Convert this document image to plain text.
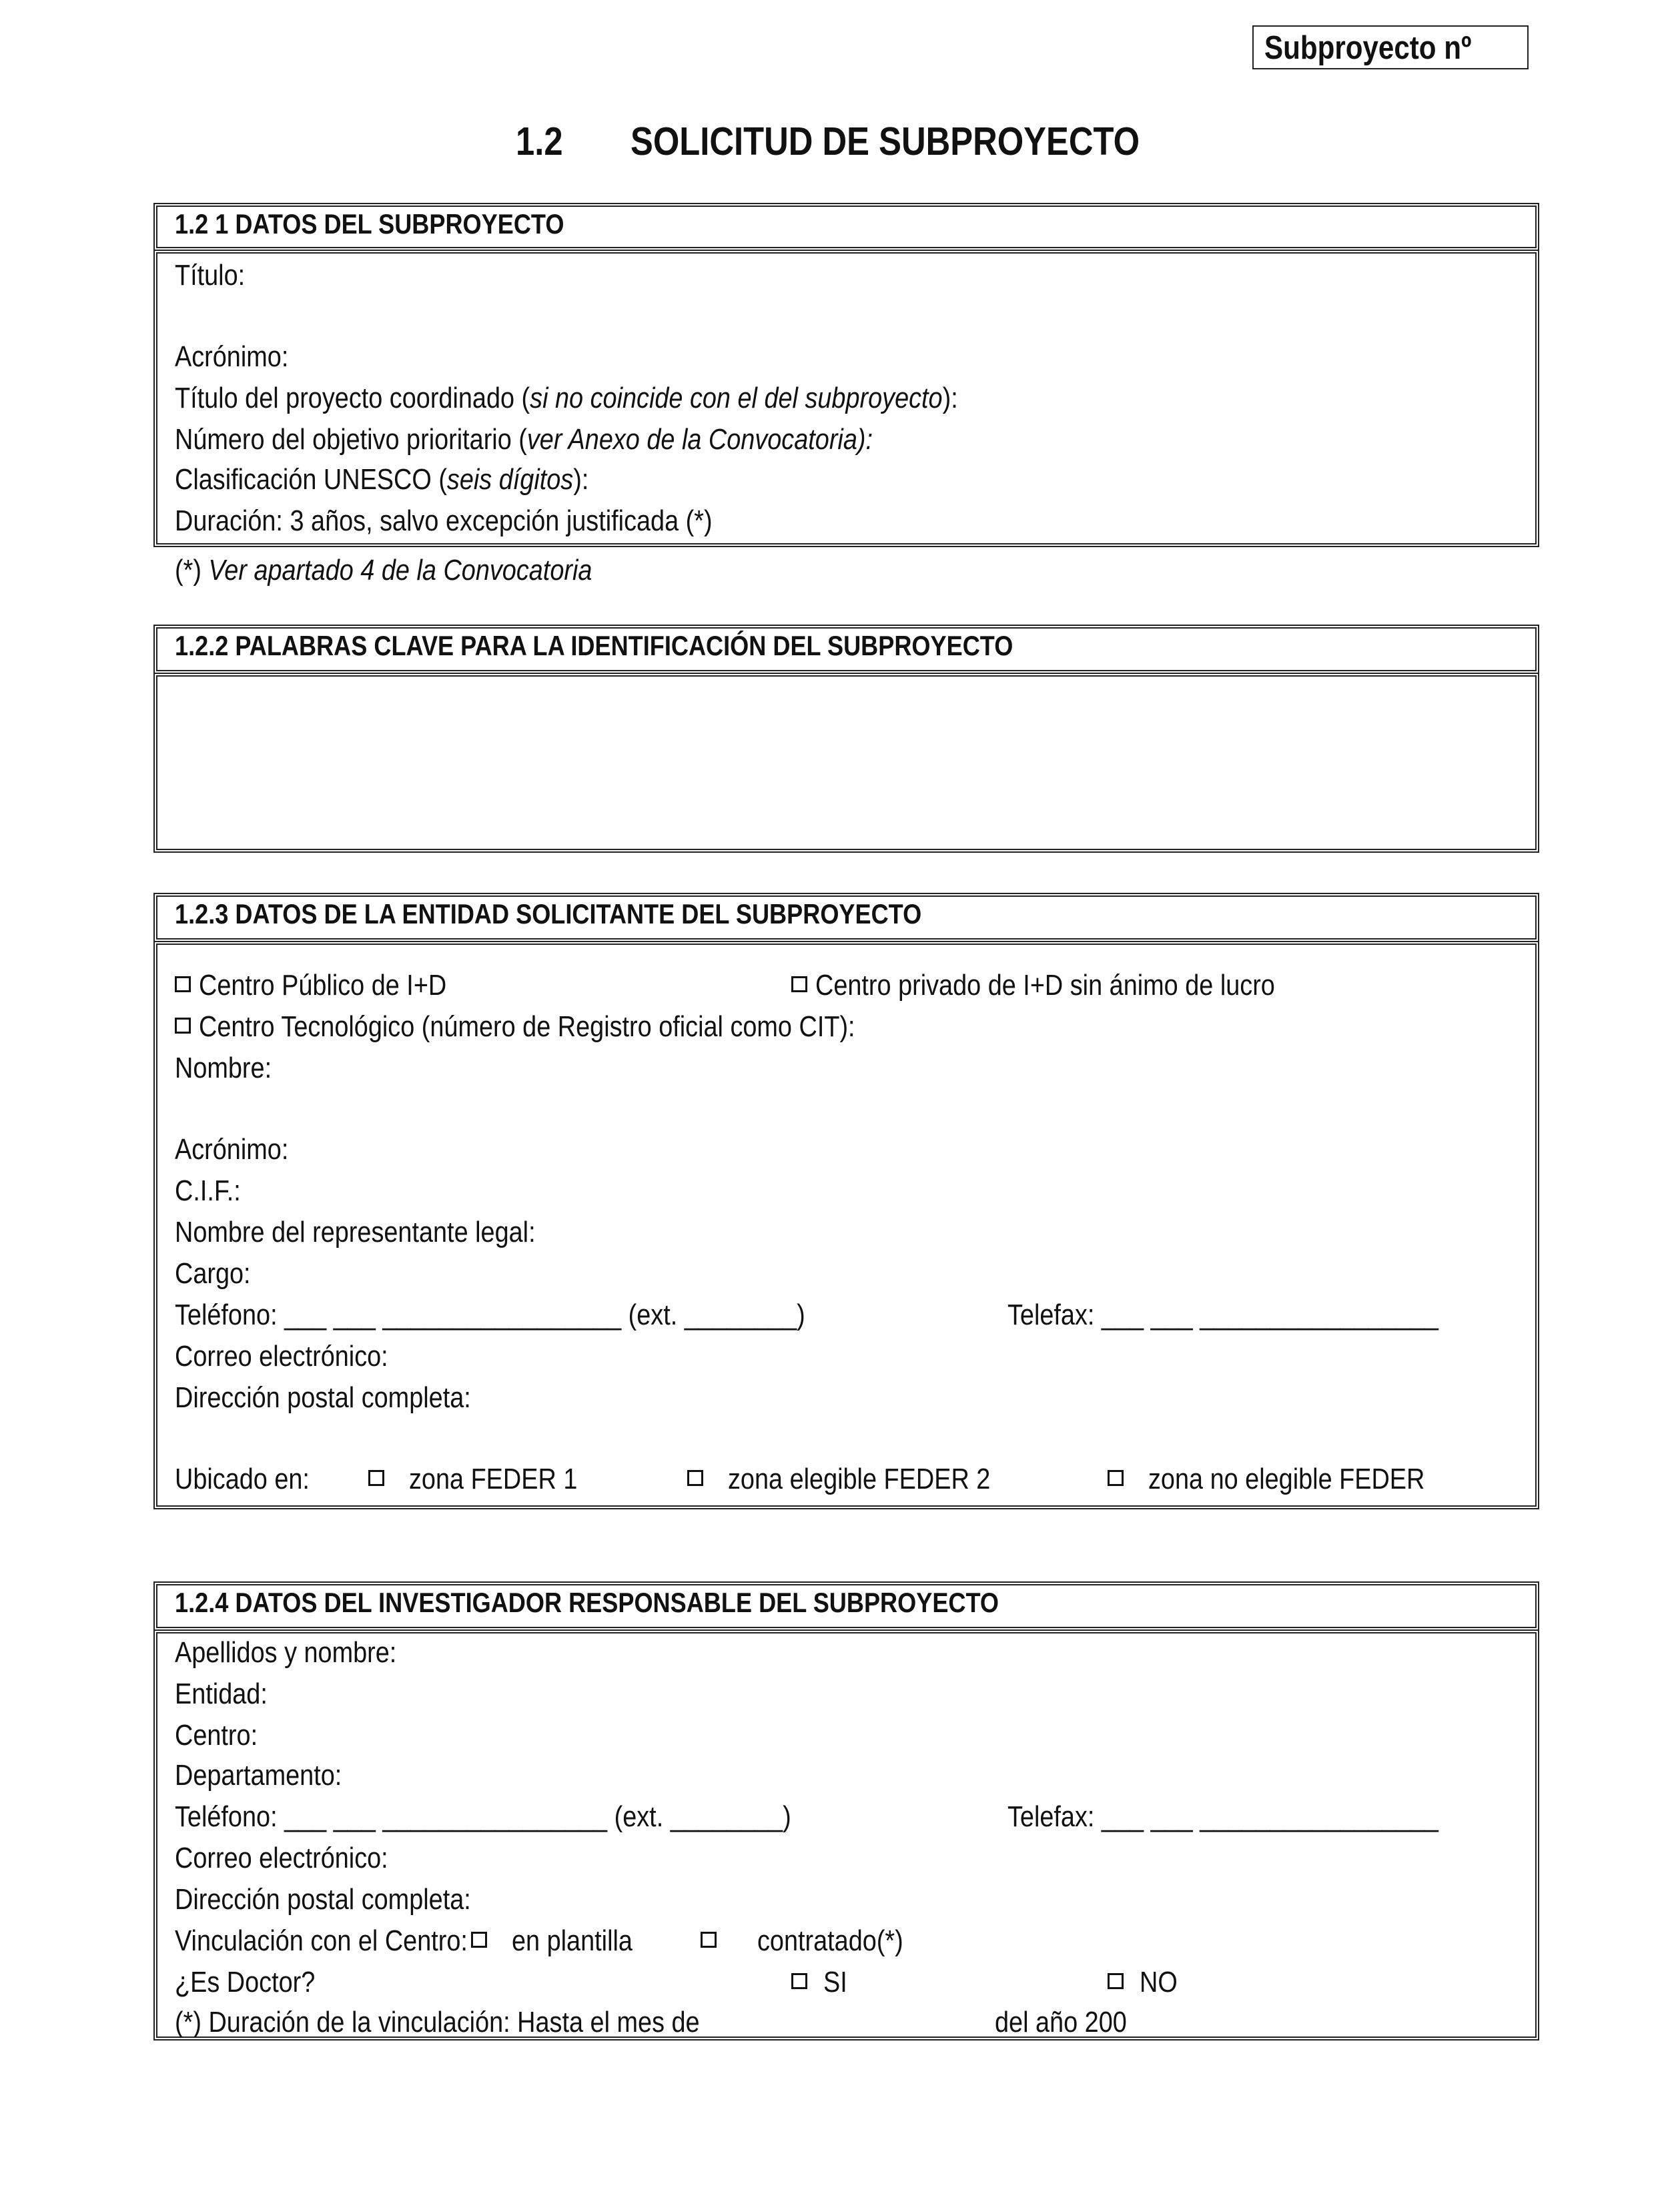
Subproyecto nº
1.2 SOLICITUD DE SUBPROYECTO
1.2 1 DATOS DEL SUBPROYECTO
Título:
Acrónimo:
Título del proyecto coordinado (si no coincide con el del subproyecto):
Número del objetivo prioritario (ver Anexo de la Convocatoria):
Clasificación UNESCO (seis dígitos):
Duración: 3 años, salvo excepción justificada (*)
(*) Ver apartado 4 de la Convocatoria
1.2.2 PALABRAS CLAVE PARA LA IDENTIFICACIÓN DEL SUBPROYECTO
1.2.3 DATOS DE LA ENTIDAD SOLICITANTE DEL SUBPROYECTO
Centro Público de I+D	Centro privado de I+D sin ánimo de lucro
Centro Tecnológico (número de Registro oficial como CIT):
Nombre:
Acrónimo:
C.I.F.:
Nombre del representante legal:
Cargo:
Teléfono: ___ ___ _________________ (ext. ________)	Telefax: ___ ___ _________________
Correo electrónico:
Dirección postal completa:
Ubicado en:	zona FEDER 1	zona elegible FEDER 2	zona no elegible FEDER
1.2.4 DATOS DEL INVESTIGADOR RESPONSABLE DEL SUBPROYECTO
Apellidos y nombre:
Entidad:
Centro:
Departamento:
Teléfono: ___ ___ ________________ (ext. ________)	Telefax: ___ ___ _________________
Correo electrónico:
Dirección postal completa:
Vinculación con el Centro:	en plantilla	contratado(*)
¿Es Doctor?	SI	NO
(*) Duración de la vinculación: Hasta el mes de	del año 200
